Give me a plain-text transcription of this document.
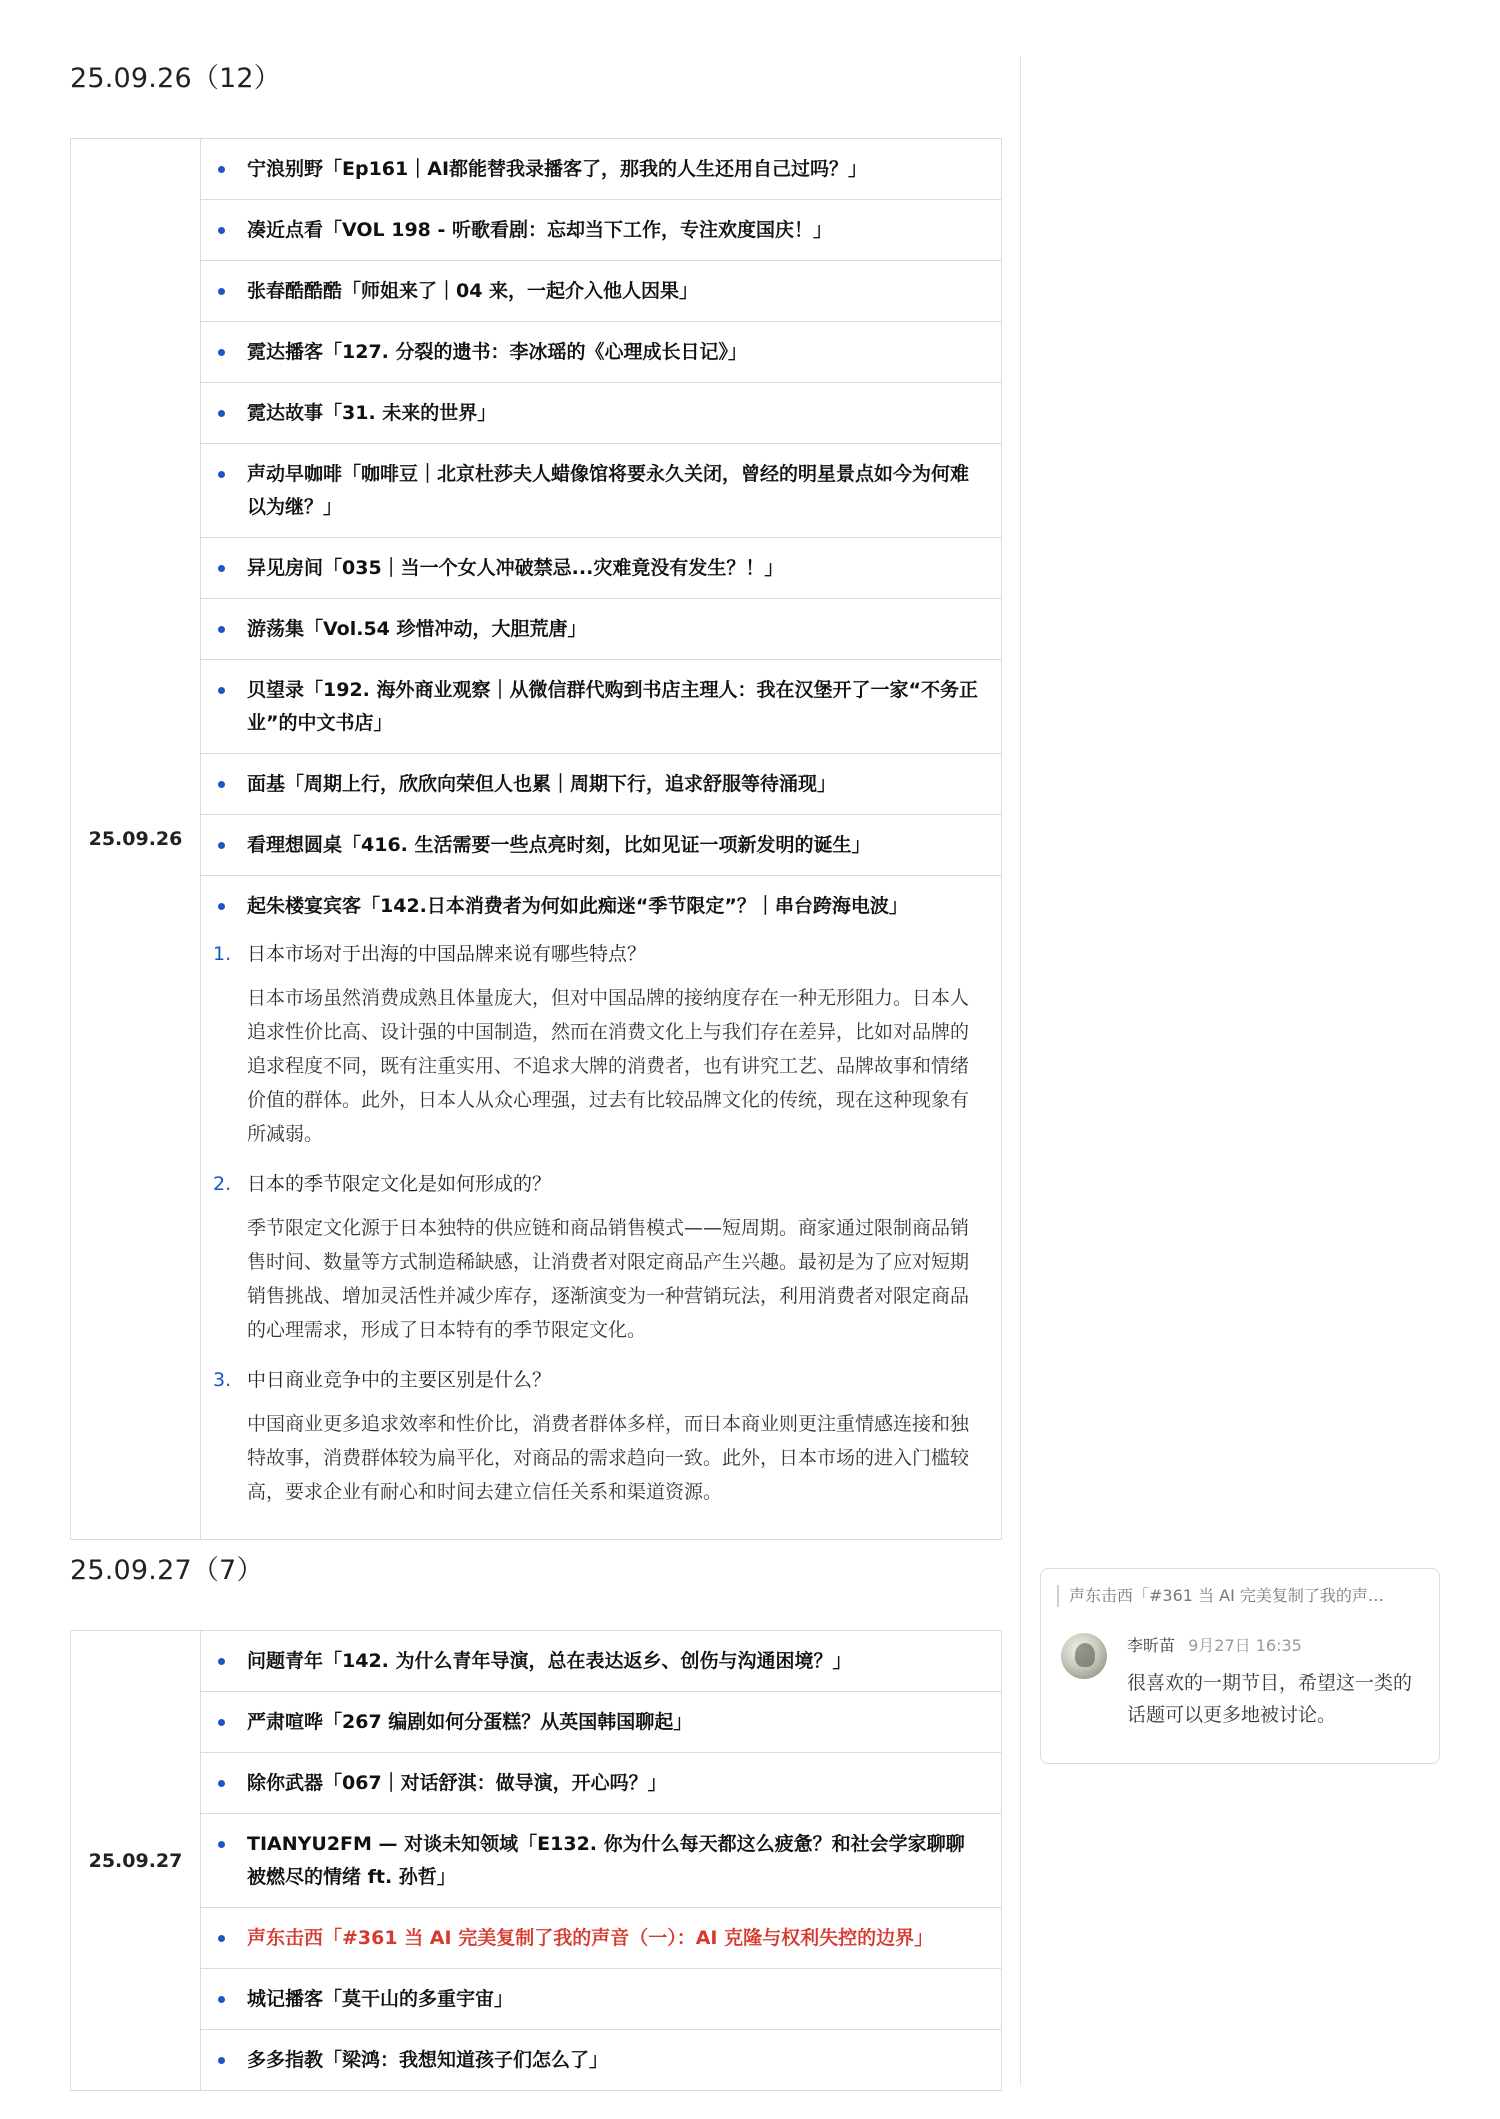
25.09.26（12）
25.09.26	
宁浪别野「Ep161｜AI都能替我录播客了，那我的人生还用自己过吗？」
凑近点看「VOL 198 - 听歌看剧：忘却当下工作，专注欢度国庆！」
张春酷酷酷「师姐来了｜04 来，一起介入他人因果」
霓达播客「127. 分裂的遗书：李冰瑶的《心理成长日记》」
霓达故事「31. 未来的世界」
声动早咖啡「咖啡豆｜北京杜莎夫人蜡像馆将要永久关闭，曾经的明星景点如今为何难以为继？」
异见房间「035｜当一个女人冲破禁忌...灾难竟没有发生？！」
游荡集「Vol.54 珍惜冲动，大胆荒唐」
贝望录「192. 海外商业观察｜从微信群代购到书店主理人：我在汉堡开了一家“不务正业”的中文书店」
面基「周期上行，欣欣向荣但人也累｜周期下行，追求舒服等待涌现」
看理想圆桌「416. 生活需要一些点亮时刻，比如见证一项新发明的诞生」
起朱楼宴宾客「142.日本消费者为何如此痴迷“季节限定”？｜串台跨海电波」
1. 日本市场对于出海的中国品牌来说有哪些特点？
日本市场虽然消费成熟且体量庞大，但对中国品牌的接纳度存在一种无形阻力。日本人追求性价比高、设计强的中国制造，然而在消费文化上与我们存在差异，比如对品牌的追求程度不同，既有注重实用、不追求大牌的消费者，也有讲究工艺、品牌故事和情绪价值的群体。此外，日本人从众心理强，过去有比较品牌文化的传统，现在这种现象有所减弱。
2. 日本的季节限定文化是如何形成的？
季节限定文化源于日本独特的供应链和商品销售模式——短周期。商家通过限制商品销售时间、数量等方式制造稀缺感，让消费者对限定商品产生兴趣。最初是为了应对短期销售挑战、增加灵活性并减少库存，逐渐演变为一种营销玩法，利用消费者对限定商品的心理需求，形成了日本特有的季节限定文化。
3. 中日商业竞争中的主要区别是什么？
中国商业更多追求效率和性价比，消费者群体多样，而日本商业则更注重情感连接和独特故事，消费群体较为扁平化，对商品的需求趋向一致。此外，日本市场的进入门槛较高，要求企业有耐心和时间去建立信任关系和渠道资源。
25.09.27（7）
25.09.27	
问题青年「142. 为什么青年导演，总在表达返乡、创伤与沟通困境？」
严肃喧哗「267 编剧如何分蛋糕？从英国韩国聊起」
除你武器「067｜对话舒淇：做导演，开心吗？」
TIANYU2FM — 对谈未知领域「E132. 你为什么每天都这么疲惫？和社会学家聊聊被燃尽的情绪 ft. 孙哲」
声东击西「#361 当 AI 完美复制了我的声音（一）：AI 克隆与权利失控的边界」
城记播客「莫干山的多重宇宙」
多多指教「梁鸿：我想知道孩子们怎么了」
声东击西「#361 当 AI 完美复制了我的声…
李昕苗 9月27日 16:35
很喜欢的一期节目，希望这一类的话题可以更多地被讨论。
